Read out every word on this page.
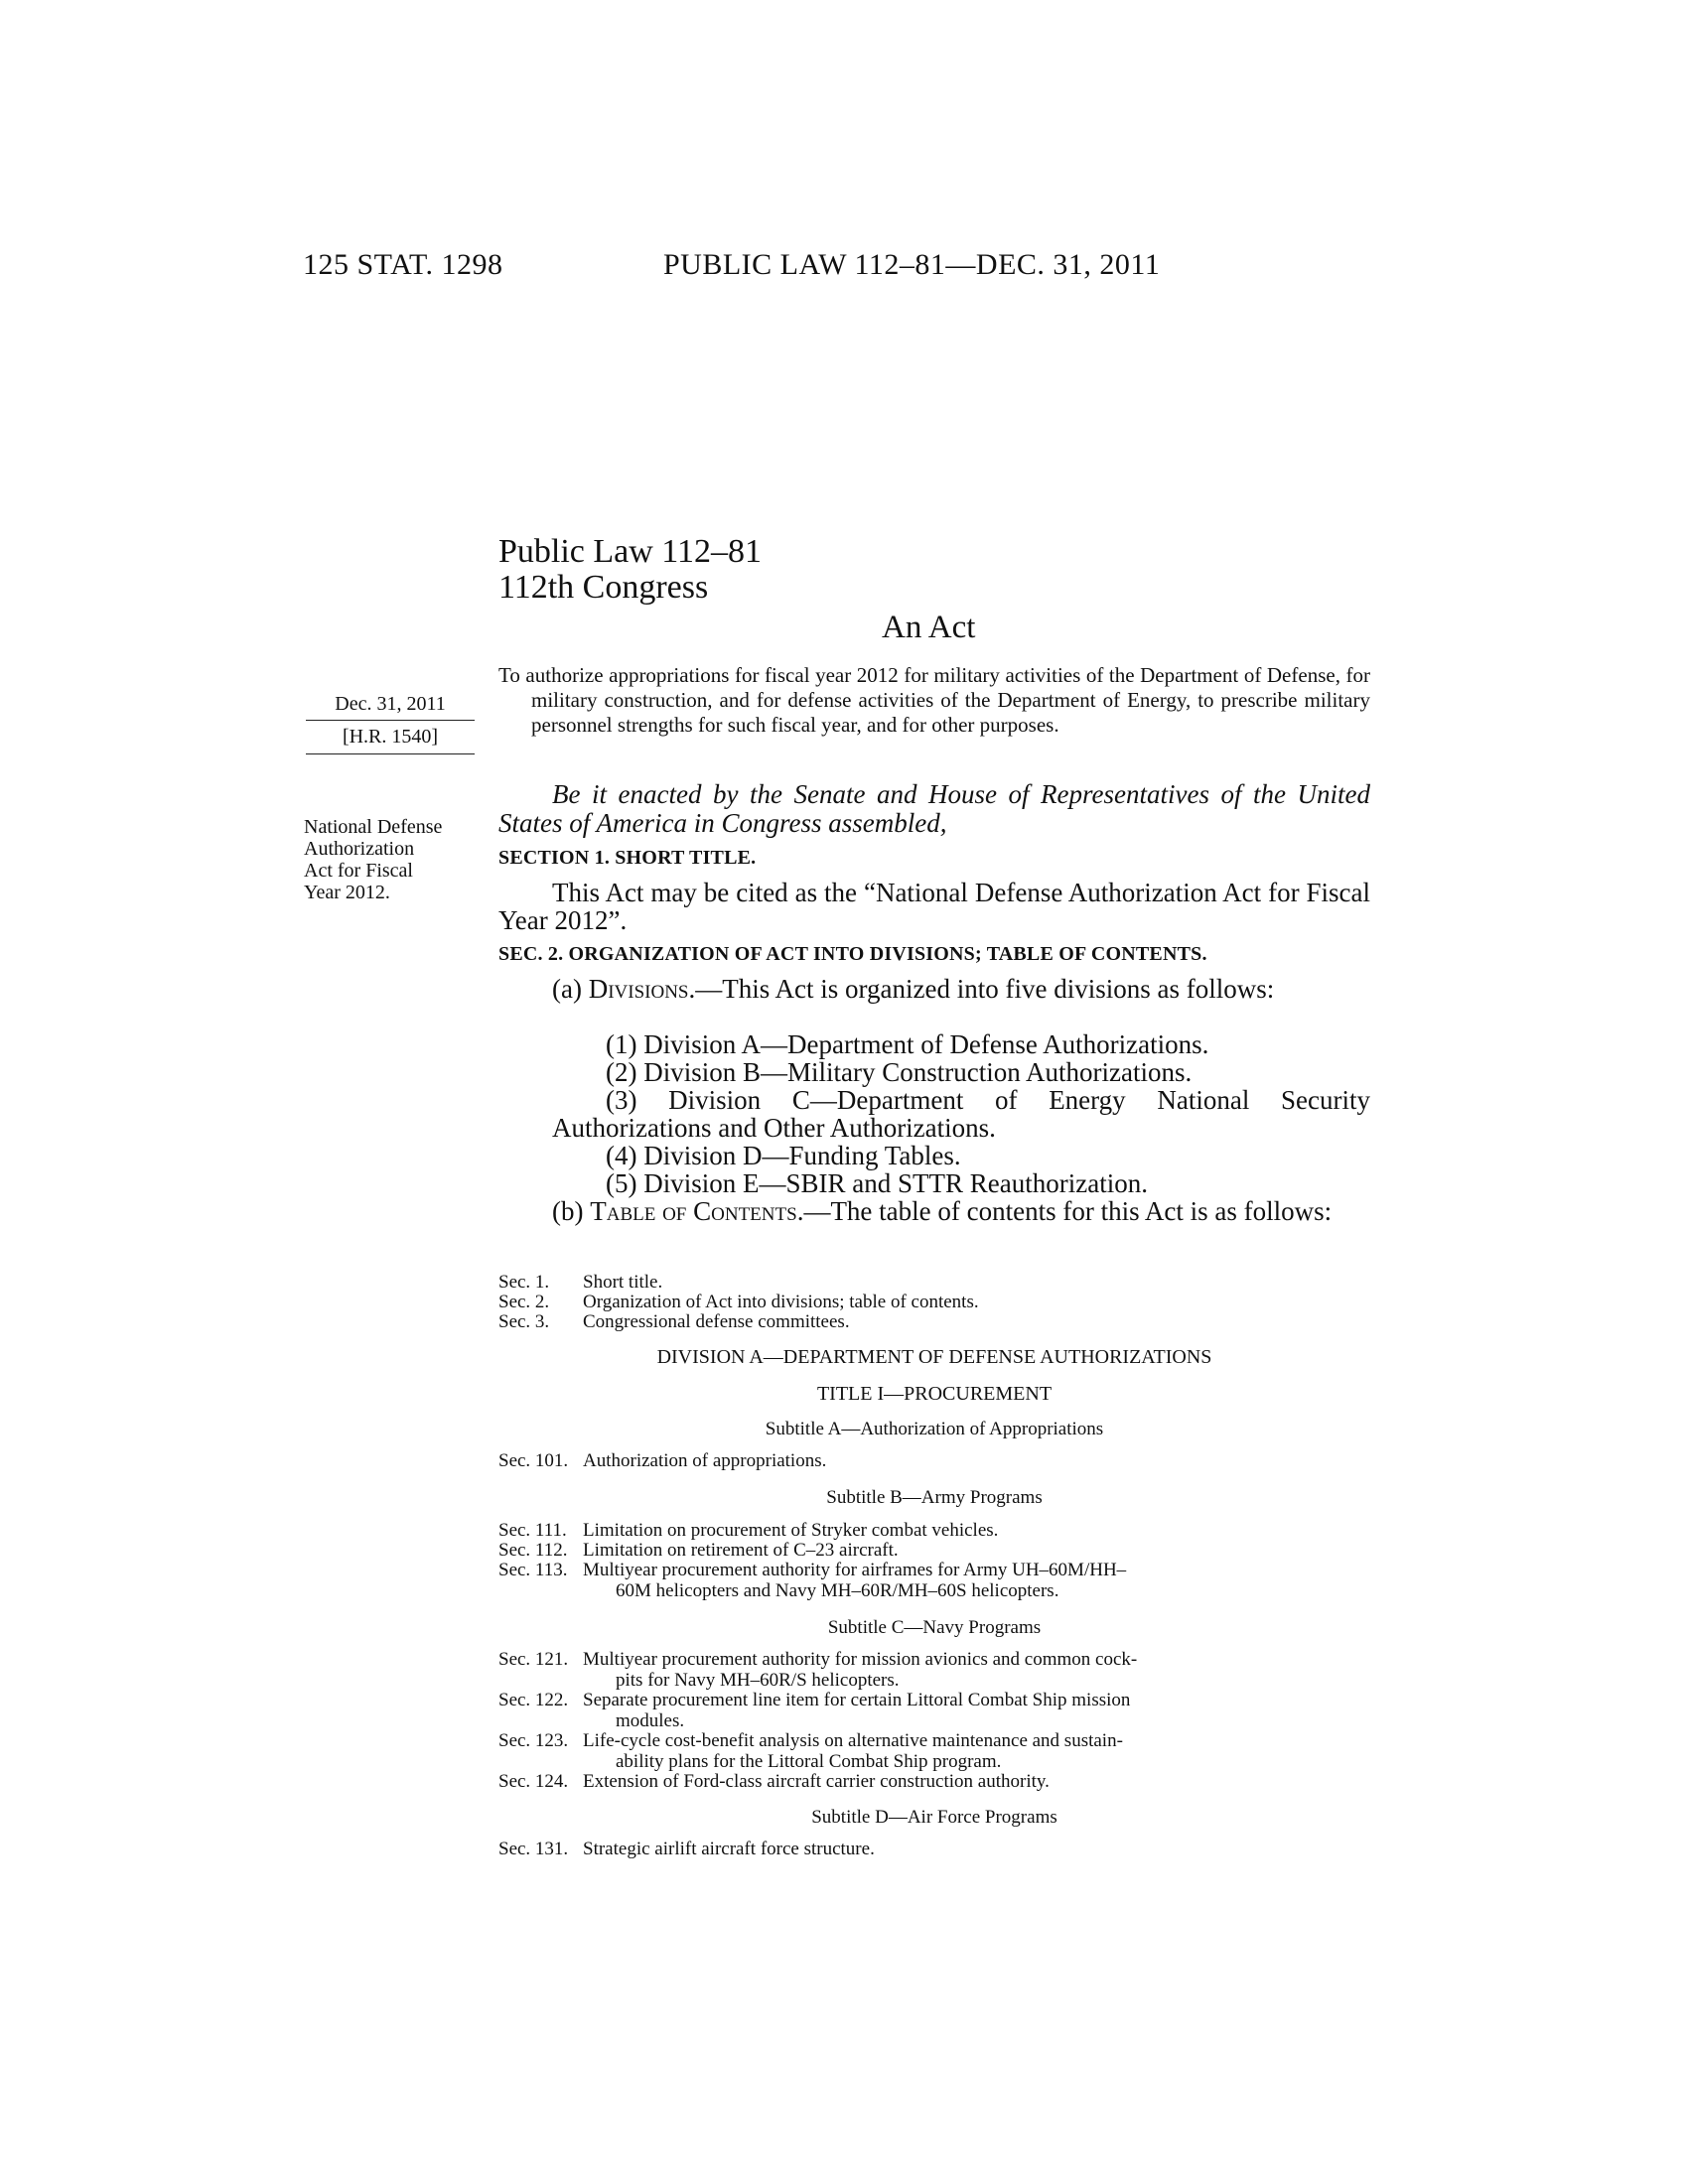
125 STAT. 1298	PUBLIC LAW 112–81—DEC. 31, 2011
Public Law 112–81
112th Congress
An Act
Dec. 31, 2011
[H.R. 1540]
National Defense
Authorization
Act for Fiscal
Year 2012.

To authorize appropriations for fiscal year 2012 for military activities of the Department of Defense, for military construction, and for defense activities of the Department of Energy, to prescribe military personnel strengths for such fiscal year, and for other purposes.

Be it enacted by the Senate and House of Representatives of the United States of America in Congress assembled,
SECTION 1. SHORT TITLE.

This Act may be cited as the “National Defense Authorization Act for Fiscal Year 2012”.

SEC. 2. ORGANIZATION OF ACT INTO DIVISIONS; TABLE OF CONTENTS.

(a) Divisions.—This Act is organized into five divisions as follows:

(1) Division A—Department of Defense Authorizations.

(2) Division B—Military Construction Authorizations.

(3) Division C—Department of Energy National Security Authorizations and Other Authorizations.

(4) Division D—Funding Tables.

(5) Division E—SBIR and STTR Reauthorization.

(b) Table of Contents.—The table of contents for this Act is as follows:

Sec. 1. Short title.
Sec. 2. Organization of Act into divisions; table of contents.
Sec. 3. Congressional defense committees.
DIVISION A—DEPARTMENT OF DEFENSE AUTHORIZATIONS
TITLE I—PROCUREMENT
Subtitle A—Authorization of Appropriations
Sec. 101. Authorization of appropriations.
Subtitle B—Army Programs
Sec. 111. Limitation on procurement of Stryker combat vehicles.
Sec. 112. Limitation on retirement of C–23 aircraft.
Sec. 113. Multiyear procurement authority for airframes for Army UH–60M/HH–
60M helicopters and Navy MH–60R/MH–60S helicopters.
Subtitle C—Navy Programs
Sec. 121. Multiyear procurement authority for mission avionics and common cock-
pits for Navy MH–60R/S helicopters.
Sec. 122. Separate procurement line item for certain Littoral Combat Ship mission
modules.
Sec. 123. Life-cycle cost-benefit analysis on alternative maintenance and sustain-
ability plans for the Littoral Combat Ship program.
Sec. 124. Extension of Ford-class aircraft carrier construction authority.
Subtitle D—Air Force Programs
Sec. 131. Strategic airlift aircraft force structure.
